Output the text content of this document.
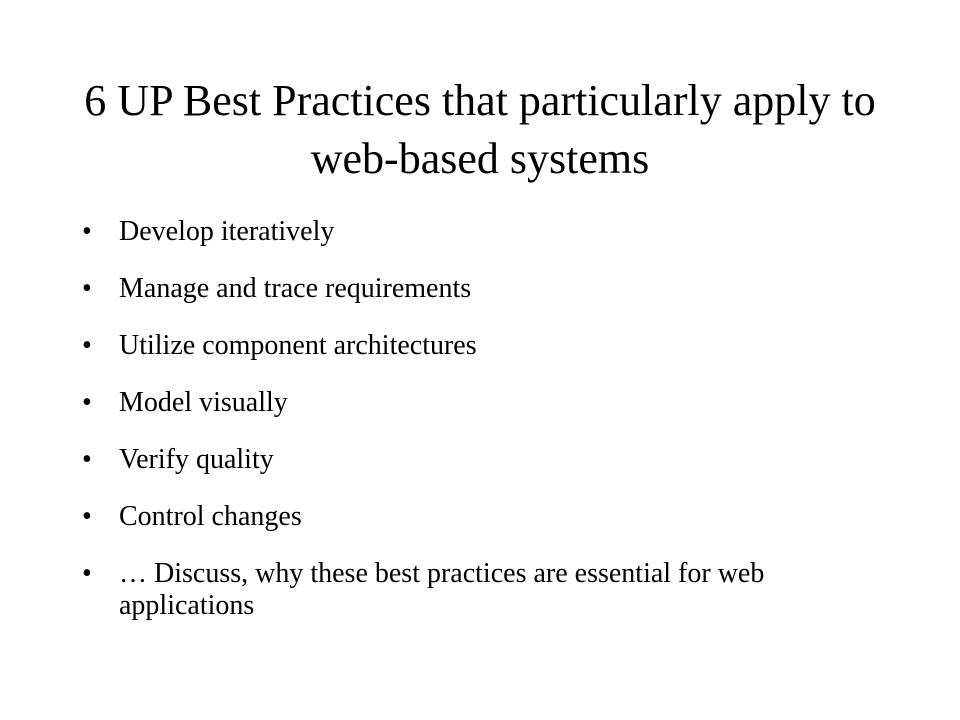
6 UP Best Practices that particularly apply to web-based systems
• Develop iteratively
• Manage and trace requirements
• Utilize component architectures
• Model visually
• Verify quality
• Control changes
• … Discuss, why these best practices are essential for web applications
